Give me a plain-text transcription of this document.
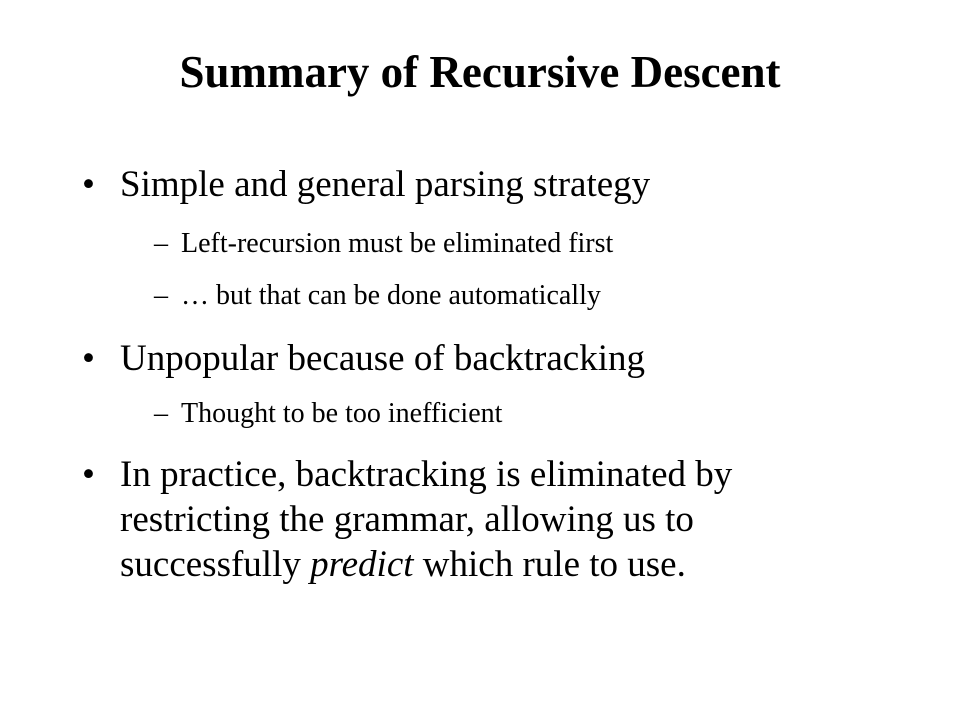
Summary of Recursive Descent
• Simple and general parsing strategy
– Left-recursion must be eliminated first
– … but that can be done automatically
• Unpopular because of backtracking
– Thought to be too inefficient
• In practice, backtracking is eliminated by
restricting the grammar, allowing us to
successfully predict which rule to use.
